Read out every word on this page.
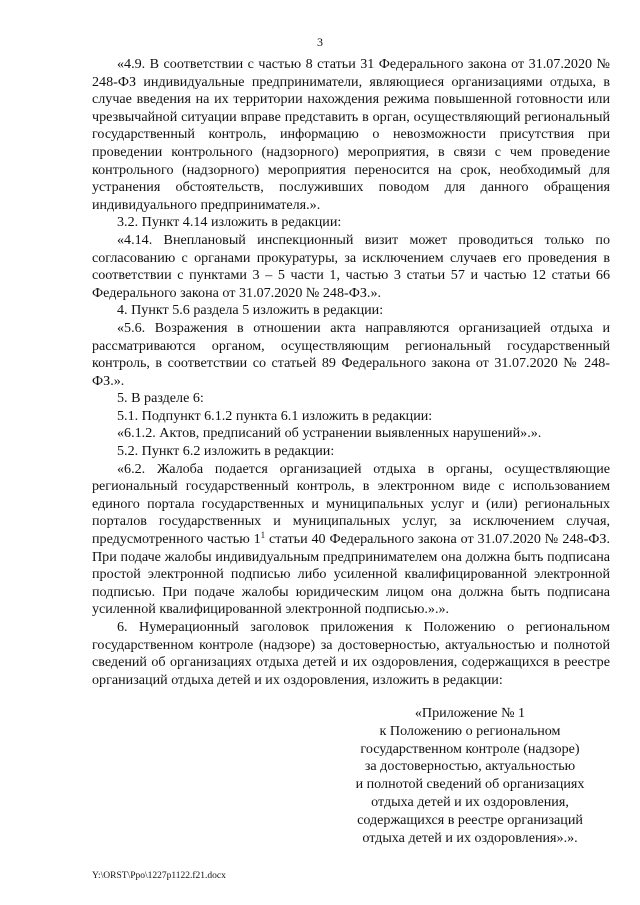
3

«4.9. В соответствии с частью 8 статьи 31 Федерального закона от 31.07.2020 № 248-ФЗ индивидуальные предприниматели, являющиеся организациями отдыха, в случае введения на их территории нахождения режима повышенной готовности или чрезвычайной ситуации вправе представить в орган, осуществляющий региональный государственный контроль, информацию о невозможности присутствия при проведении контрольного (надзорного) мероприятия, в связи с чем проведение контрольного (надзорного) мероприятия переносится на срок, необходимый для устранения обстоятельств, послуживших поводом для данного обращения индивидуального предпринимателя.».

3.2. Пункт 4.14 изложить в редакции:

«4.14. Внеплановый инспекционный визит может проводиться только по согласованию с органами прокуратуры, за исключением случаев его проведения в соответствии с пунктами 3 – 5 части 1, частью 3 статьи 57 и частью 12 статьи 66 Федерального закона от 31.07.2020 № 248-ФЗ.».

4. Пункт 5.6 раздела 5 изложить в редакции:

«5.6. Возражения в отношении акта направляются организацией отдыха и рассматриваются органом, осуществляющим региональный государственный контроль, в соответствии со статьей 89 Федерального закона от 31.07.2020 № 248-ФЗ.».

5. В разделе 6:

5.1. Подпункт 6.1.2 пункта 6.1 изложить в редакции:

«6.1.2. Актов, предписаний об устранении выявленных нарушений».».

5.2. Пункт 6.2 изложить в редакции:

«6.2. Жалоба подается организацией отдыха в органы, осуществляющие региональный государственный контроль, в электронном виде с использованием единого портала государственных и муниципальных услуг и (или) региональных порталов государственных и муниципальных услуг, за исключением случая, предусмотренного частью $1^1$ статьи 40 Федерального закона от 31.07.2020 № 248-ФЗ. При подаче жалобы индивидуальным предпринимателем она должна быть подписана простой электронной подписью либо усиленной квалифицированной электронной подписью. При подаче жалобы юридическим лицом она должна быть подписана усиленной квалифицированной электронной подписью.».».

6. Нумерационный заголовок приложения к Положению о региональном государственном контроле (надзоре) за достоверностью, актуальностью и полнотой сведений об организациях отдыха детей и их оздоровления, содержащихся в реестре организаций отдыха детей и их оздоровления, изложить в редакции:

«Приложение № 1
к Положению о региональном
государственном контроле (надзоре)
за достоверностью, актуальностью
и полнотой сведений об организациях
отдыха детей и их оздоровления,
содержащихся в реестре организаций
отдыха детей и их оздоровления».».
Y:\ORST\Ppo\1227p1122.f21.docx
